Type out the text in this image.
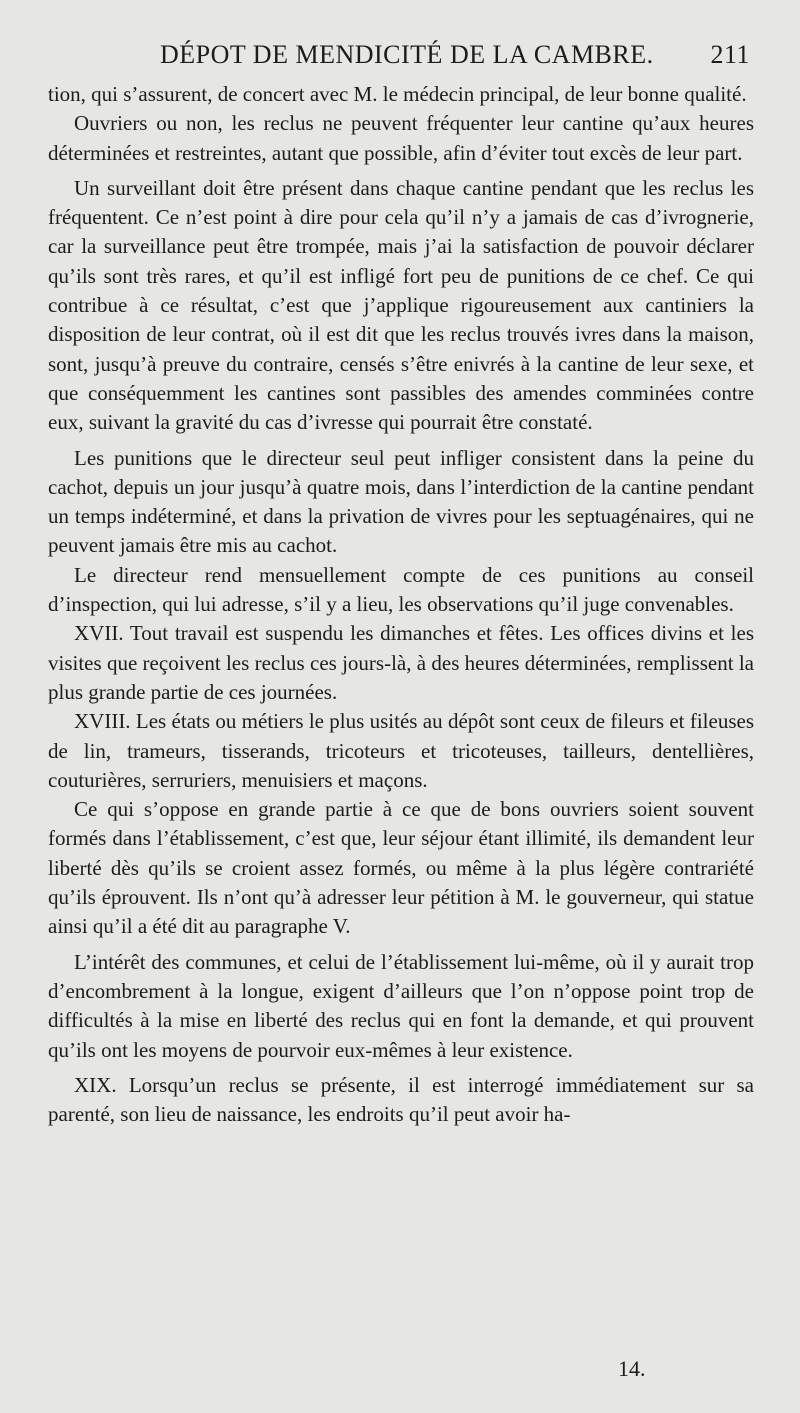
DÉPOT DE MENDICITÉ DE LA CAMBRE. 211

tion, qui s’assurent, de concert avec M. le médecin principal, de leur bonne qualité.

Ouvriers ou non, les reclus ne peuvent fréquenter leur cantine qu’aux heures déterminées et restreintes, autant que possible, afin d’éviter tout excès de leur part.

Un surveillant doit être présent dans chaque cantine pendant que les reclus les fréquentent. Ce n’est point à dire pour cela qu’il n’y a jamais de cas d’ivrognerie, car la surveillance peut être trompée, mais j’ai la satisfaction de pouvoir déclarer qu’ils sont très rares, et qu’il est infligé fort peu de punitions de ce chef. Ce qui contribue à ce résultat, c’est que j’applique rigoureusement aux cantiniers la disposition de leur contrat, où il est dit que les reclus trouvés ivres dans la maison, sont, jusqu’à preuve du contraire, censés s’être enivrés à la cantine de leur sexe, et que conséquemment les cantines sont passibles des amendes comminées contre eux, suivant la gravité du cas d’ivresse qui pourrait être constaté.

Les punitions que le directeur seul peut infliger consistent dans la peine du cachot, depuis un jour jusqu’à quatre mois, dans l’interdiction de la cantine pendant un temps indéterminé, et dans la privation de vivres pour les septuagénaires, qui ne peuvent jamais être mis au cachot.

Le directeur rend mensuellement compte de ces punitions au conseil d’inspection, qui lui adresse, s’il y a lieu, les observations qu’il juge convenables.

XVII. Tout travail est suspendu les dimanches et fêtes. Les offices divins et les visites que reçoivent les reclus ces jours-là, à des heures déterminées, remplissent la plus grande partie de ces journées.

XVIII. Les états ou métiers le plus usités au dépôt sont ceux de fileurs et fileuses de lin, trameurs, tisserands, tricoteurs et tricoteuses, tailleurs, dentellières, couturières, serruriers, menuisiers et maçons.

Ce qui s’oppose en grande partie à ce que de bons ouvriers soient souvent formés dans l’établissement, c’est que, leur séjour étant illimité, ils demandent leur liberté dès qu’ils se croient assez formés, ou même à la plus légère contrariété qu’ils éprouvent. Ils n’ont qu’à adresser leur pétition à M. le gouverneur, qui statue ainsi qu’il a été dit au paragraphe V.

L’intérêt des communes, et celui de l’établissement lui-même, où il y aurait trop d’encombrement à la longue, exigent d’ailleurs que l’on n’oppose point trop de difficultés à la mise en liberté des reclus qui en font la demande, et qui prouvent qu’ils ont les moyens de pourvoir eux-mêmes à leur existence.

XIX. Lorsqu’un reclus se présente, il est interrogé immédiatement sur sa parenté, son lieu de naissance, les endroits qu’il peut avoir ha-

14.
